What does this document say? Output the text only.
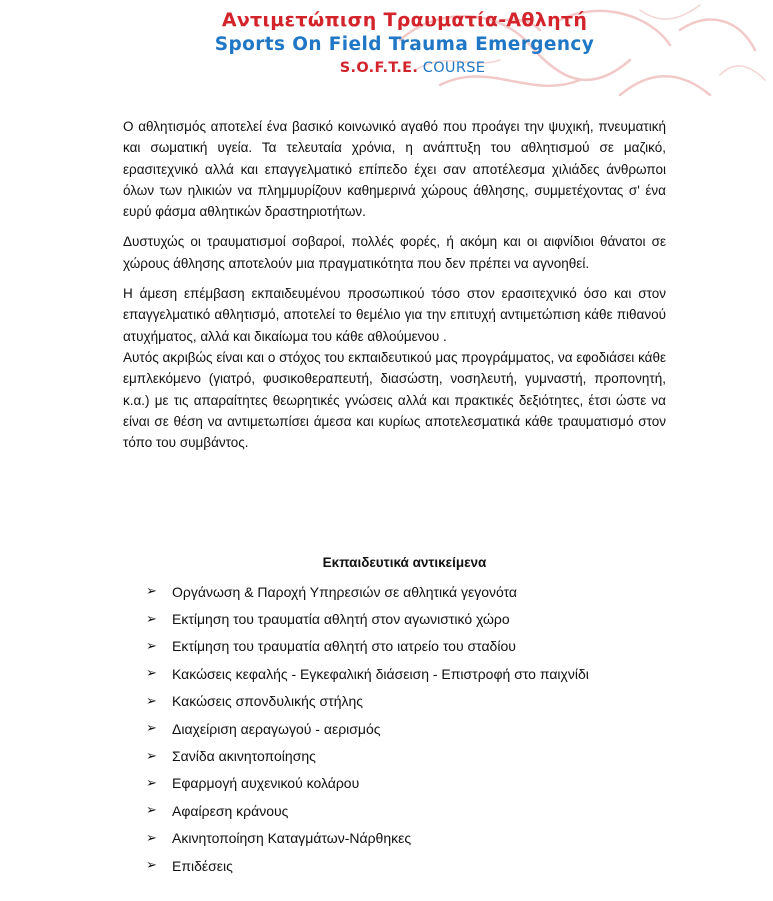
Αντιμετώπιση Τραυματία-Αθλητή
Sports On Field Trauma Emergency
S.O.F.T.E. COURSE

Ο αθλητισμός αποτελεί ένα βασικό κοινωνικό αγαθό που προάγει την ψυχική, πνευματική και σωματική υγεία. Τα τελευταία χρόνια, η ανάπτυξη του αθλητισμού σε μαζικό, ερασιτεχνικό αλλά και επαγγελματικό επίπεδο έχει σαν αποτέλεσμα χιλιάδες άνθρωποι όλων των ηλικιών να πλημμυρίζουν καθημερινά χώρους άθλησης, συμμετέχοντας σ' ένα ευρύ φάσμα αθλητικών δραστηριοτήτων.

Δυστυχώς οι τραυματισμοί σοβαροί, πολλές φορές, ή ακόμη και οι αιφνίδιοι θάνατοι σε χώρους άθλησης αποτελούν μια πραγματικότητα που δεν πρέπει να αγνοηθεί.

Η άμεση επέμβαση εκπαιδευμένου προσωπικού τόσο στον ερασιτεχνικό όσο και στον επαγγελματικό αθλητισμό, αποτελεί το θεμέλιο για την επιτυχή αντιμετώπιση κάθε πιθανού ατυχήματος, αλλά και δικαίωμα του κάθε αθλούμενου .

Αυτός ακριβώς είναι και ο στόχος του εκπαιδευτικού μας προγράμματος, να εφοδιάσει κάθε εμπλεκόμενο (γιατρό, φυσικοθεραπευτή, διασώστη, νοσηλευτή, γυμναστή, προπονητή, κ.α.) με τις απαραίτητες θεωρητικές γνώσεις αλλά και πρακτικές δεξιότητες, έτσι ώστε να είναι σε θέση να αντιμετωπίσει άμεσα και κυρίως αποτελεσματικά κάθε τραυματισμό στον τόπο του συμβάντος.

Εκπαιδευτικά αντικείμενα
➢	Οργάνωση & Παροχή Υπηρεσιών σε αθλητικά γεγονότα
➢	Εκτίμηση του τραυματία αθλητή στον αγωνιστικό χώρο
➢	Εκτίμηση του τραυματία αθλητή στο ιατρείο του σταδίου
➢	Κακώσεις κεφαλής - Εγκεφαλική διάσειση - Επιστροφή στο παιχνίδι
➢	Κακώσεις σπονδυλικής στήλης
➢	Διαχείριση αεραγωγού - αερισμός
➢	Σανίδα ακινητοποίησης
➢	Εφαρμογή αυχενικού κολάρου
➢	Αφαίρεση κράνους
➢	Ακινητοποίηση Καταγμάτων-Νάρθηκες
➢	Επιδέσεις
